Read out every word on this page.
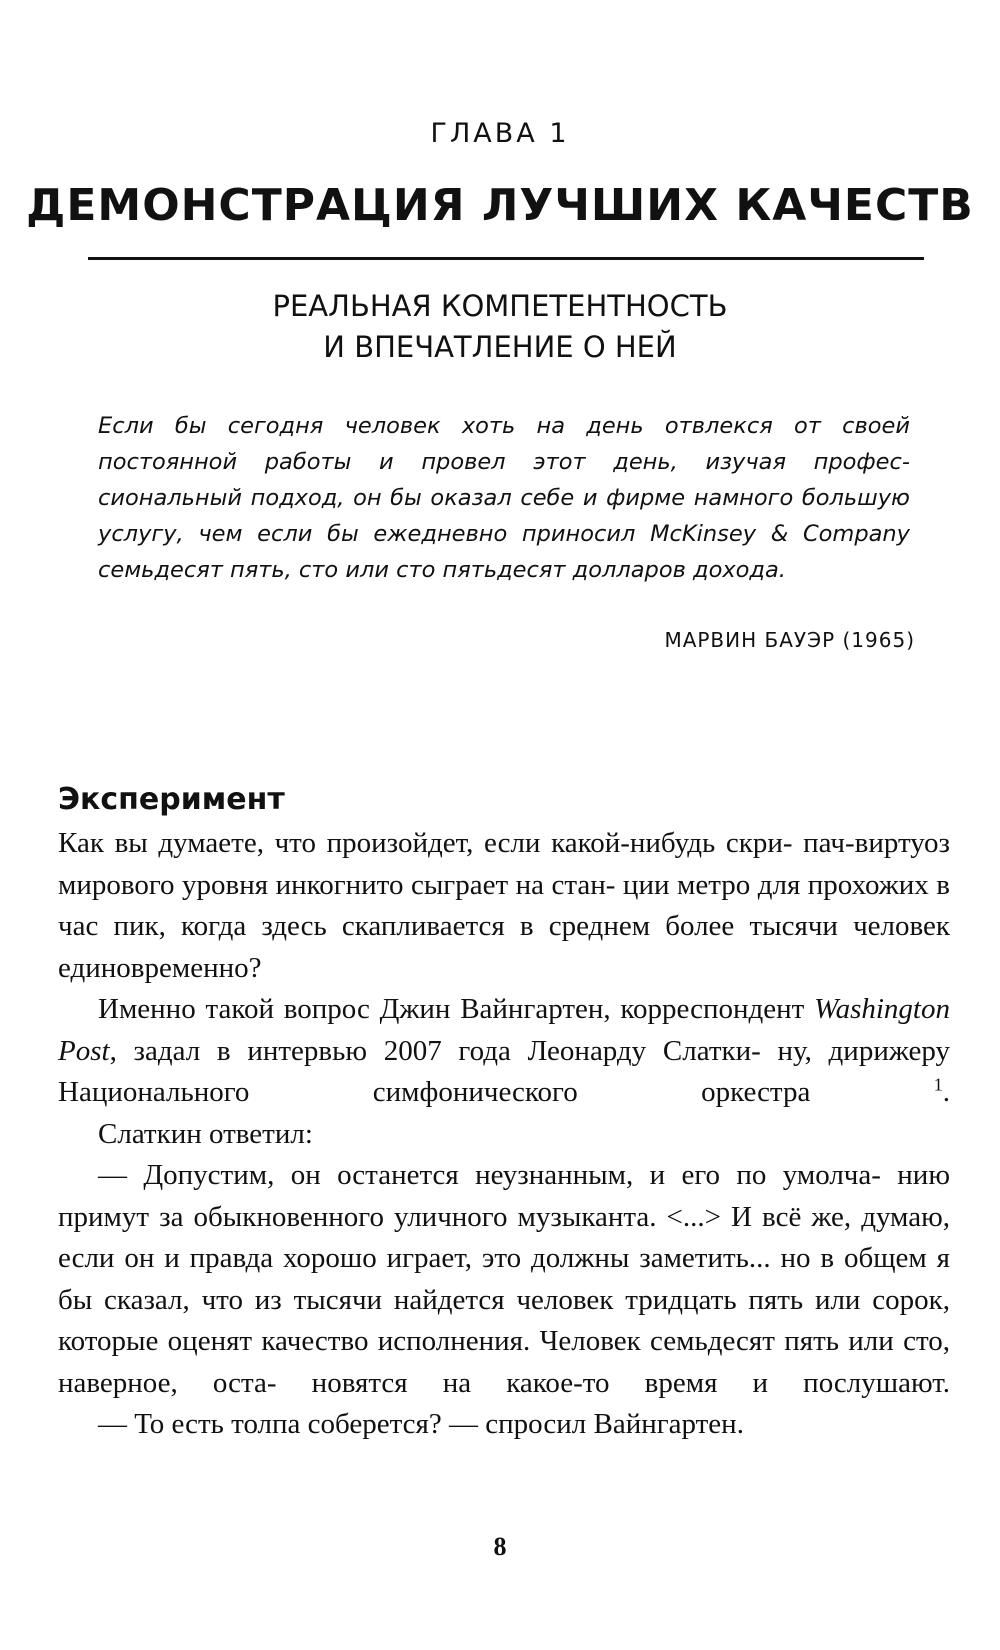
ГЛАВА 1
ДЕМОНСТРАЦИЯ ЛУЧШИХ КАЧЕСТВ
РЕАЛЬНАЯ КОМПЕТЕНТНОСТЬ
И ВПЕЧАТЛЕНИЕ О НЕЙ
Если бы сегодня человек хоть на день отвлекся от своей постоянной работы и провел этот день, изучая профес- сиональный подход, он бы оказал себе и фирме намного большую услугу, чем если бы ежедневно приносил McKinsey & Company семьдесят пять, сто или сто пятьдесят долларов дохода.
МАРВИН БАУЭР (1965)
Эксперимент

Как вы думаете, что произойдет, если какой-нибудь скри- пач-виртуоз мирового уровня инкогнито сыграет на стан- ции метро для прохожих в час пик, когда здесь скапливается в среднем более тысячи человек единовременно?

Именно такой вопрос Джин Вайнгартен, корреспондент Washington Post, задал в интервью 2007 года Леонарду Слатки- ну, дирижеру Национального симфонического оркестра $^1$.

Слаткин ответил:

— Допустим, он останется неузнанным, и его по умолча- нию примут за обыкновенного уличного музыканта. <...> И всё же, думаю, если он и правда хорошо играет, это должны заметить... но в общем я бы сказал, что из тысячи найдется человек тридцать пять или сорок, которые оценят качество исполнения. Человек семьдесят пять или сто, наверное, оста- новятся на какое-то время и послушают.

— То есть толпа соберется? — спросил Вайнгартен.

8
